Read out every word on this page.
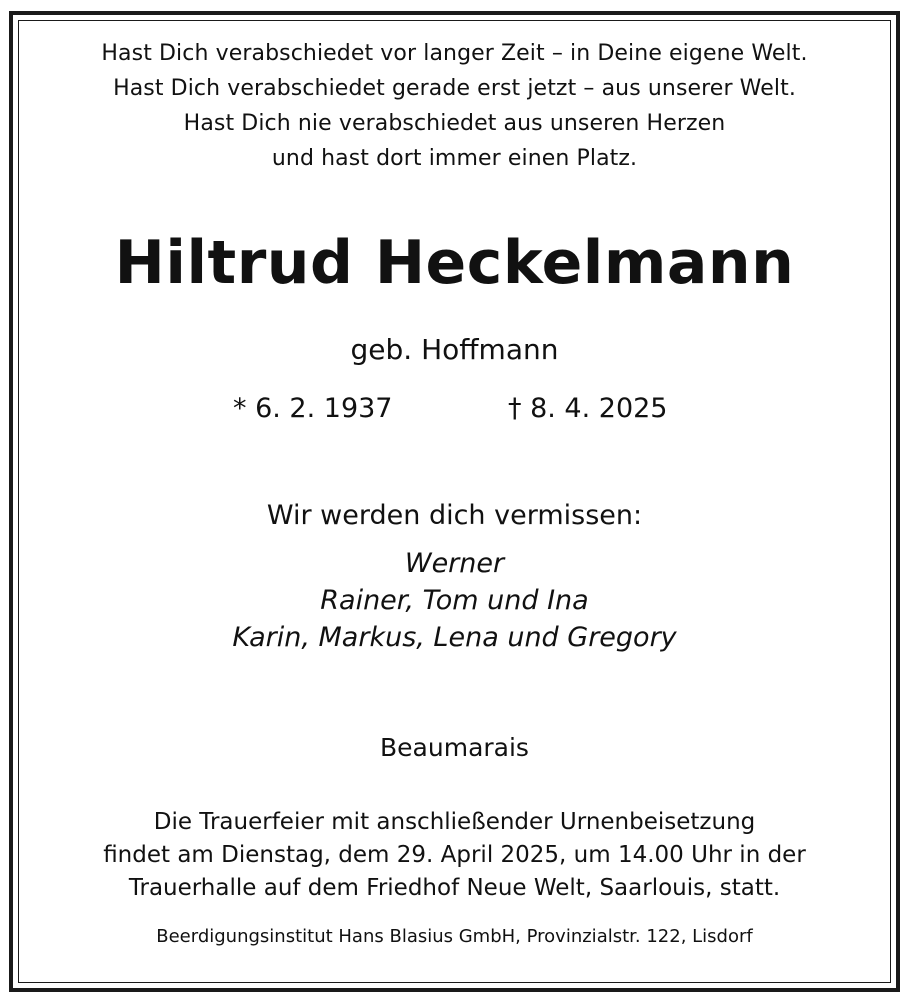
Hast Dich verabschiedet vor langer Zeit – in Deine eigene Welt.
Hast Dich verabschiedet gerade erst jetzt – aus unserer Welt.
Hast Dich nie verabschiedet aus unseren Herzen
und hast dort immer einen Platz.
Hiltrud Heckelmann
geb. Hoffmann
* 6. 2. 1937	† 8. 4. 2025
Wir werden dich vermissen:
Werner
Rainer, Tom und Ina
Karin, Markus, Lena und Gregory
Beaumarais
Die Trauerfeier mit anschließender Urnenbeisetzung
findet am Dienstag, dem 29. April 2025, um 14.00 Uhr in der
Trauerhalle auf dem Friedhof Neue Welt, Saarlouis, statt.
Beerdigungsinstitut Hans Blasius GmbH, Provinzialstr. 122, Lisdorf
